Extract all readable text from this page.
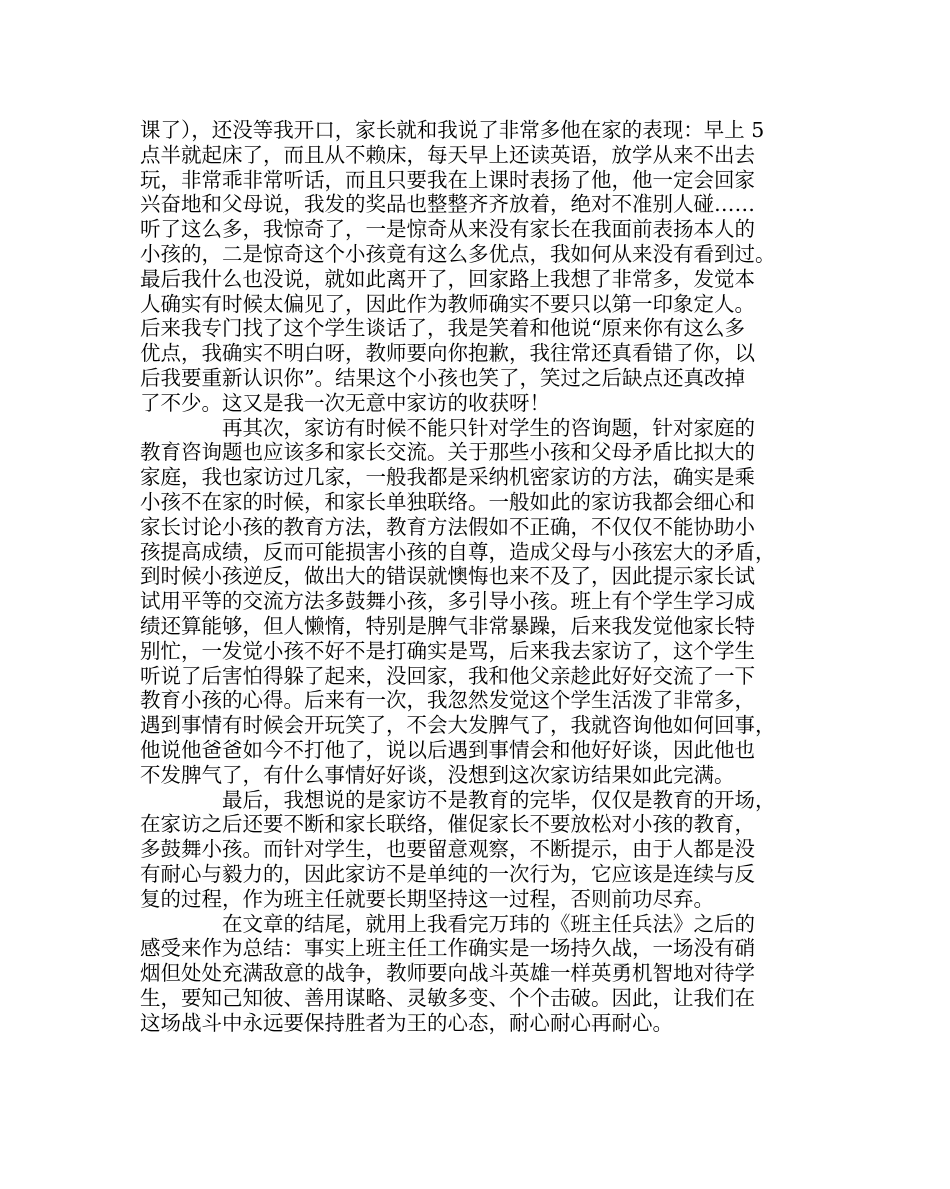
课了），还没等我开口，家长就和我说了非常多他在家的表现：早上 5
点半就起床了，而且从不赖床，每天早上还读英语，放学从来不出去
玩，非常乖非常听话，而且只要我在上课时表扬了他，他一定会回家
兴奋地和父母说，我发的奖品也整整齐齐放着，绝对不准别人碰……
听了这么多，我惊奇了，一是惊奇从来没有家长在我面前表扬本人的
小孩的，二是惊奇这个小孩竟有这么多优点，我如何从来没有看到过。
最后我什么也没说，就如此离开了，回家路上我想了非常多，发觉本
人确实有时候太偏见了，因此作为教师确实不要只以第一印象定人。
后来我专门找了这个学生谈话了，我是笑着和他说“原来你有这么多
优点，我确实不明白呀，教师要向你抱歉，我往常还真看错了你，以
后我要重新认识你”。结果这个小孩也笑了，笑过之后缺点还真改掉
了不少。这又是我一次无意中家访的收获呀！
再其次，家访有时候不能只针对学生的咨询题，针对家庭的
教育咨询题也应该多和家长交流。关于那些小孩和父母矛盾比拟大的
家庭，我也家访过几家，一般我都是采纳机密家访的方法，确实是乘
小孩不在家的时候，和家长单独联络。一般如此的家访我都会细心和
家长讨论小孩的教育方法，教育方法假如不正确，不仅仅不能协助小
孩提高成绩，反而可能损害小孩的自尊，造成父母与小孩宏大的矛盾，
到时候小孩逆反，做出大的错误就懊悔也来不及了，因此提示家长试
试用平等的交流方法多鼓舞小孩，多引导小孩。班上有个学生学习成
绩还算能够，但人懒惰，特别是脾气非常暴躁，后来我发觉他家长特
别忙，一发觉小孩不好不是打确实是骂，后来我去家访了，这个学生
听说了后害怕得躲了起来，没回家，我和他父亲趁此好好交流了一下
教育小孩的心得。后来有一次，我忽然发觉这个学生活泼了非常多，
遇到事情有时候会开玩笑了，不会大发脾气了，我就咨询他如何回事，
他说他爸爸如今不打他了，说以后遇到事情会和他好好谈，因此他也
不发脾气了，有什么事情好好谈，没想到这次家访结果如此完满。
最后，我想说的是家访不是教育的完毕，仅仅是教育的开场，
在家访之后还要不断和家长联络，催促家长不要放松对小孩的教育，
多鼓舞小孩。而针对学生，也要留意观察，不断提示，由于人都是没
有耐心与毅力的，因此家访不是单纯的一次行为，它应该是连续与反
复的过程，作为班主任就要长期坚持这一过程，否则前功尽弃。
在文章的结尾，就用上我看完万玮的《班主任兵法》之后的
感受来作为总结：事实上班主任工作确实是一场持久战，一场没有硝
烟但处处充满敌意的战争，教师要向战斗英雄一样英勇机智地对待学
生，要知己知彼、善用谋略、灵敏多变、个个击破。因此，让我们在
这场战斗中永远要保持胜者为王的心态，耐心耐心再耐心。
